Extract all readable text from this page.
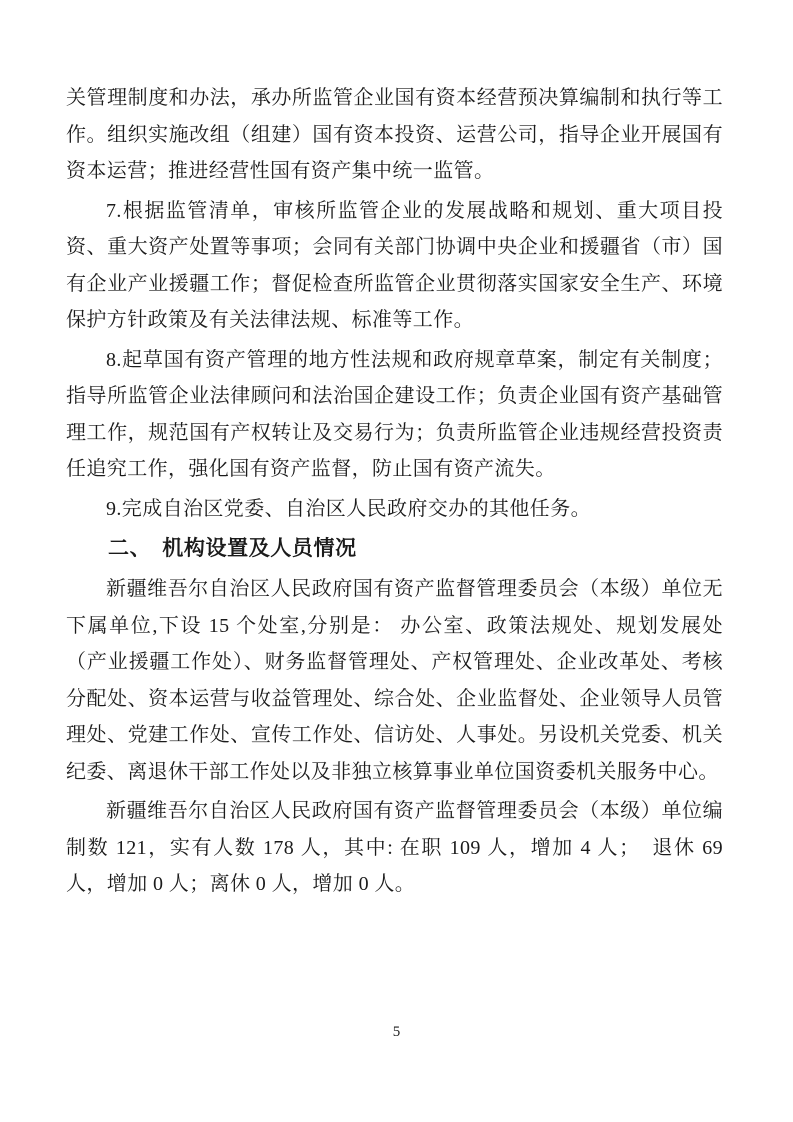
关管理制度和办法，承办所监管企业国有资本经营预决算编制和执行等工作。组织实施改组（组建）国有资本投资、运营公司，指导企业开展国有资本运营；推进经营性国有资产集中统一监管。

7.根据监管清单，审核所监管企业的发展战略和规划、重大项目投资、重大资产处置等事项；会同有关部门协调中央企业和援疆省（市）国有企业产业援疆工作；督促检查所监管企业贯彻落实国家安全生产、环境保护方针政策及有关法律法规、标准等工作。

8.起草国有资产管理的地方性法规和政府规章草案，制定有关制度；指导所监管企业法律顾问和法治国企建设工作；负责企业国有资产基础管理工作，规范国有产权转让及交易行为；负责所监管企业违规经营投资责任追究工作，强化国有资产监督，防止国有资产流失。

9.完成自治区党委、自治区人民政府交办的其他任务。

二、　机构设置及人员情况

新疆维吾尔自治区人民政府国有资产监督管理委员会（本级）单位无下属单位,下设 15 个处室,分别是： 办公室、政策法规处、规划发展处（产业援疆工作处）、财务监督管理处、产权管理处、企业改革处、考核分配处、资本运营与收益管理处、综合处、企业监督处、企业领导人员管理处、党建工作处、宣传工作处、信访处、人事处。另设机关党委、机关纪委、离退休干部工作处以及非独立核算事业单位国资委机关服务中心。

新疆维吾尔自治区人民政府国有资产监督管理委员会（本级）单位编制数 121，实有人数 178 人，其中: 在职 109 人，增加 4 人；　退休 69 人，增加 0 人；离休 0 人，增加 0 人。

5
